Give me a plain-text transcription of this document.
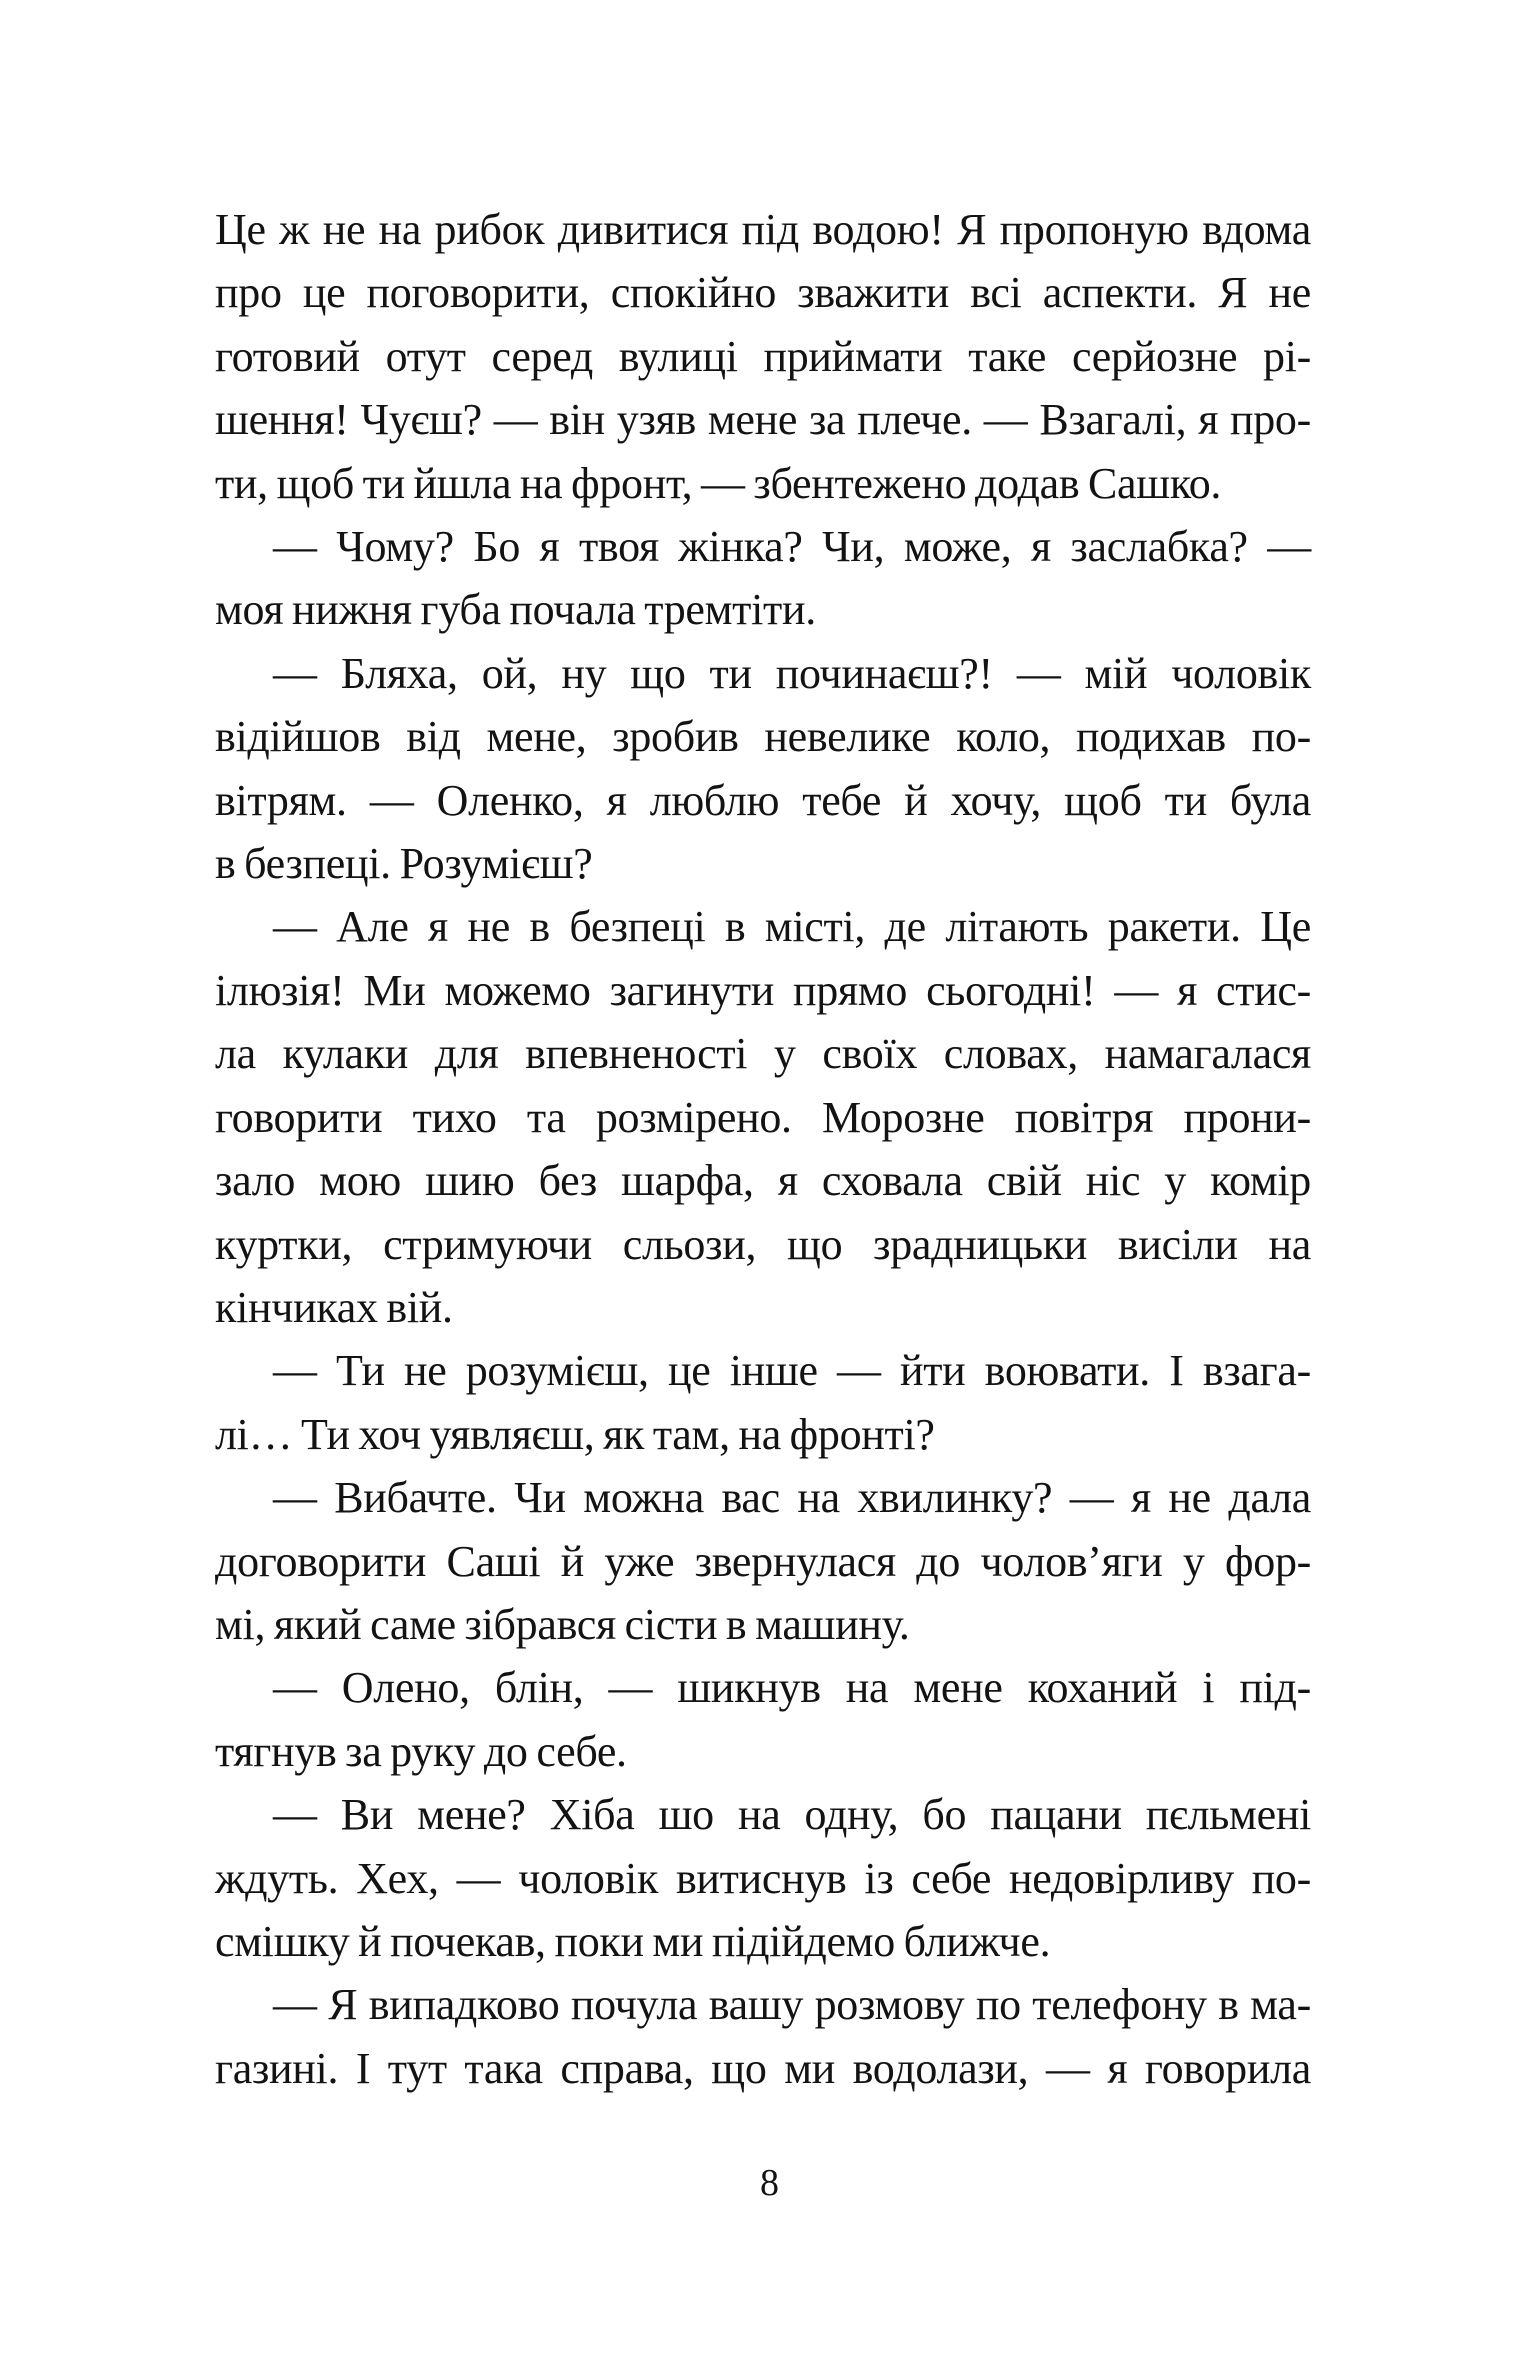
Це ж не на рибок дивитися під водою! Я пропоную вдома
про це поговорити, спокійно зважити всі аспекти. Я не
готовий отут серед вулиці приймати таке серйозне рі-
шення! Чуєш? — він узяв мене за плече. — Взагалі, я про-
ти, щоб ти йшла на фронт, — збентежено додав Сашко.
— Чому? Бо я твоя жінка? Чи, може, я заслабка? —
моя нижня губа почала тремтіти.
— Бляха, ой, ну що ти починаєш?! — мій чоловік
відійшов від мене, зробив невелике коло, подихав по-
вітрям. — Оленко, я люблю тебе й хочу, щоб ти була
в безпеці. Розумієш?
— Але я не в безпеці в місті, де літають ракети. Це
ілюзія! Ми можемо загинути прямо сьогодні! — я стис-
ла кулаки для впевненості у своїх словах, намагалася
говорити тихо та розмірено. Морозне повітря прони-
зало мою шию без шарфа, я сховала свій ніс у комір
куртки, стримуючи сльози, що зрадницьки висіли на
кінчиках вій.
— Ти не розумієш, це інше — йти воювати. І взага-
лі… Ти хоч уявляєш, як там, на фронті?
— Вибачте. Чи можна вас на хвилинку? — я не дала
договорити Саші й уже звернулася до чолов’яги у фор-
мі, який саме зібрався сісти в машину.
— Олено, блін, — шикнув на мене коханий і під-
тягнув за руку до себе.
— Ви мене? Хіба шо на одну, бо пацани пєльмені
ждуть. Хех, — чоловік витиснув із себе недовірливу по-
смішку й почекав, поки ми підійдемо ближче.
— Я випадково почула вашу розмову по телефону в ма-
газині. І тут така справа, що ми водолази, — я говорила
8
